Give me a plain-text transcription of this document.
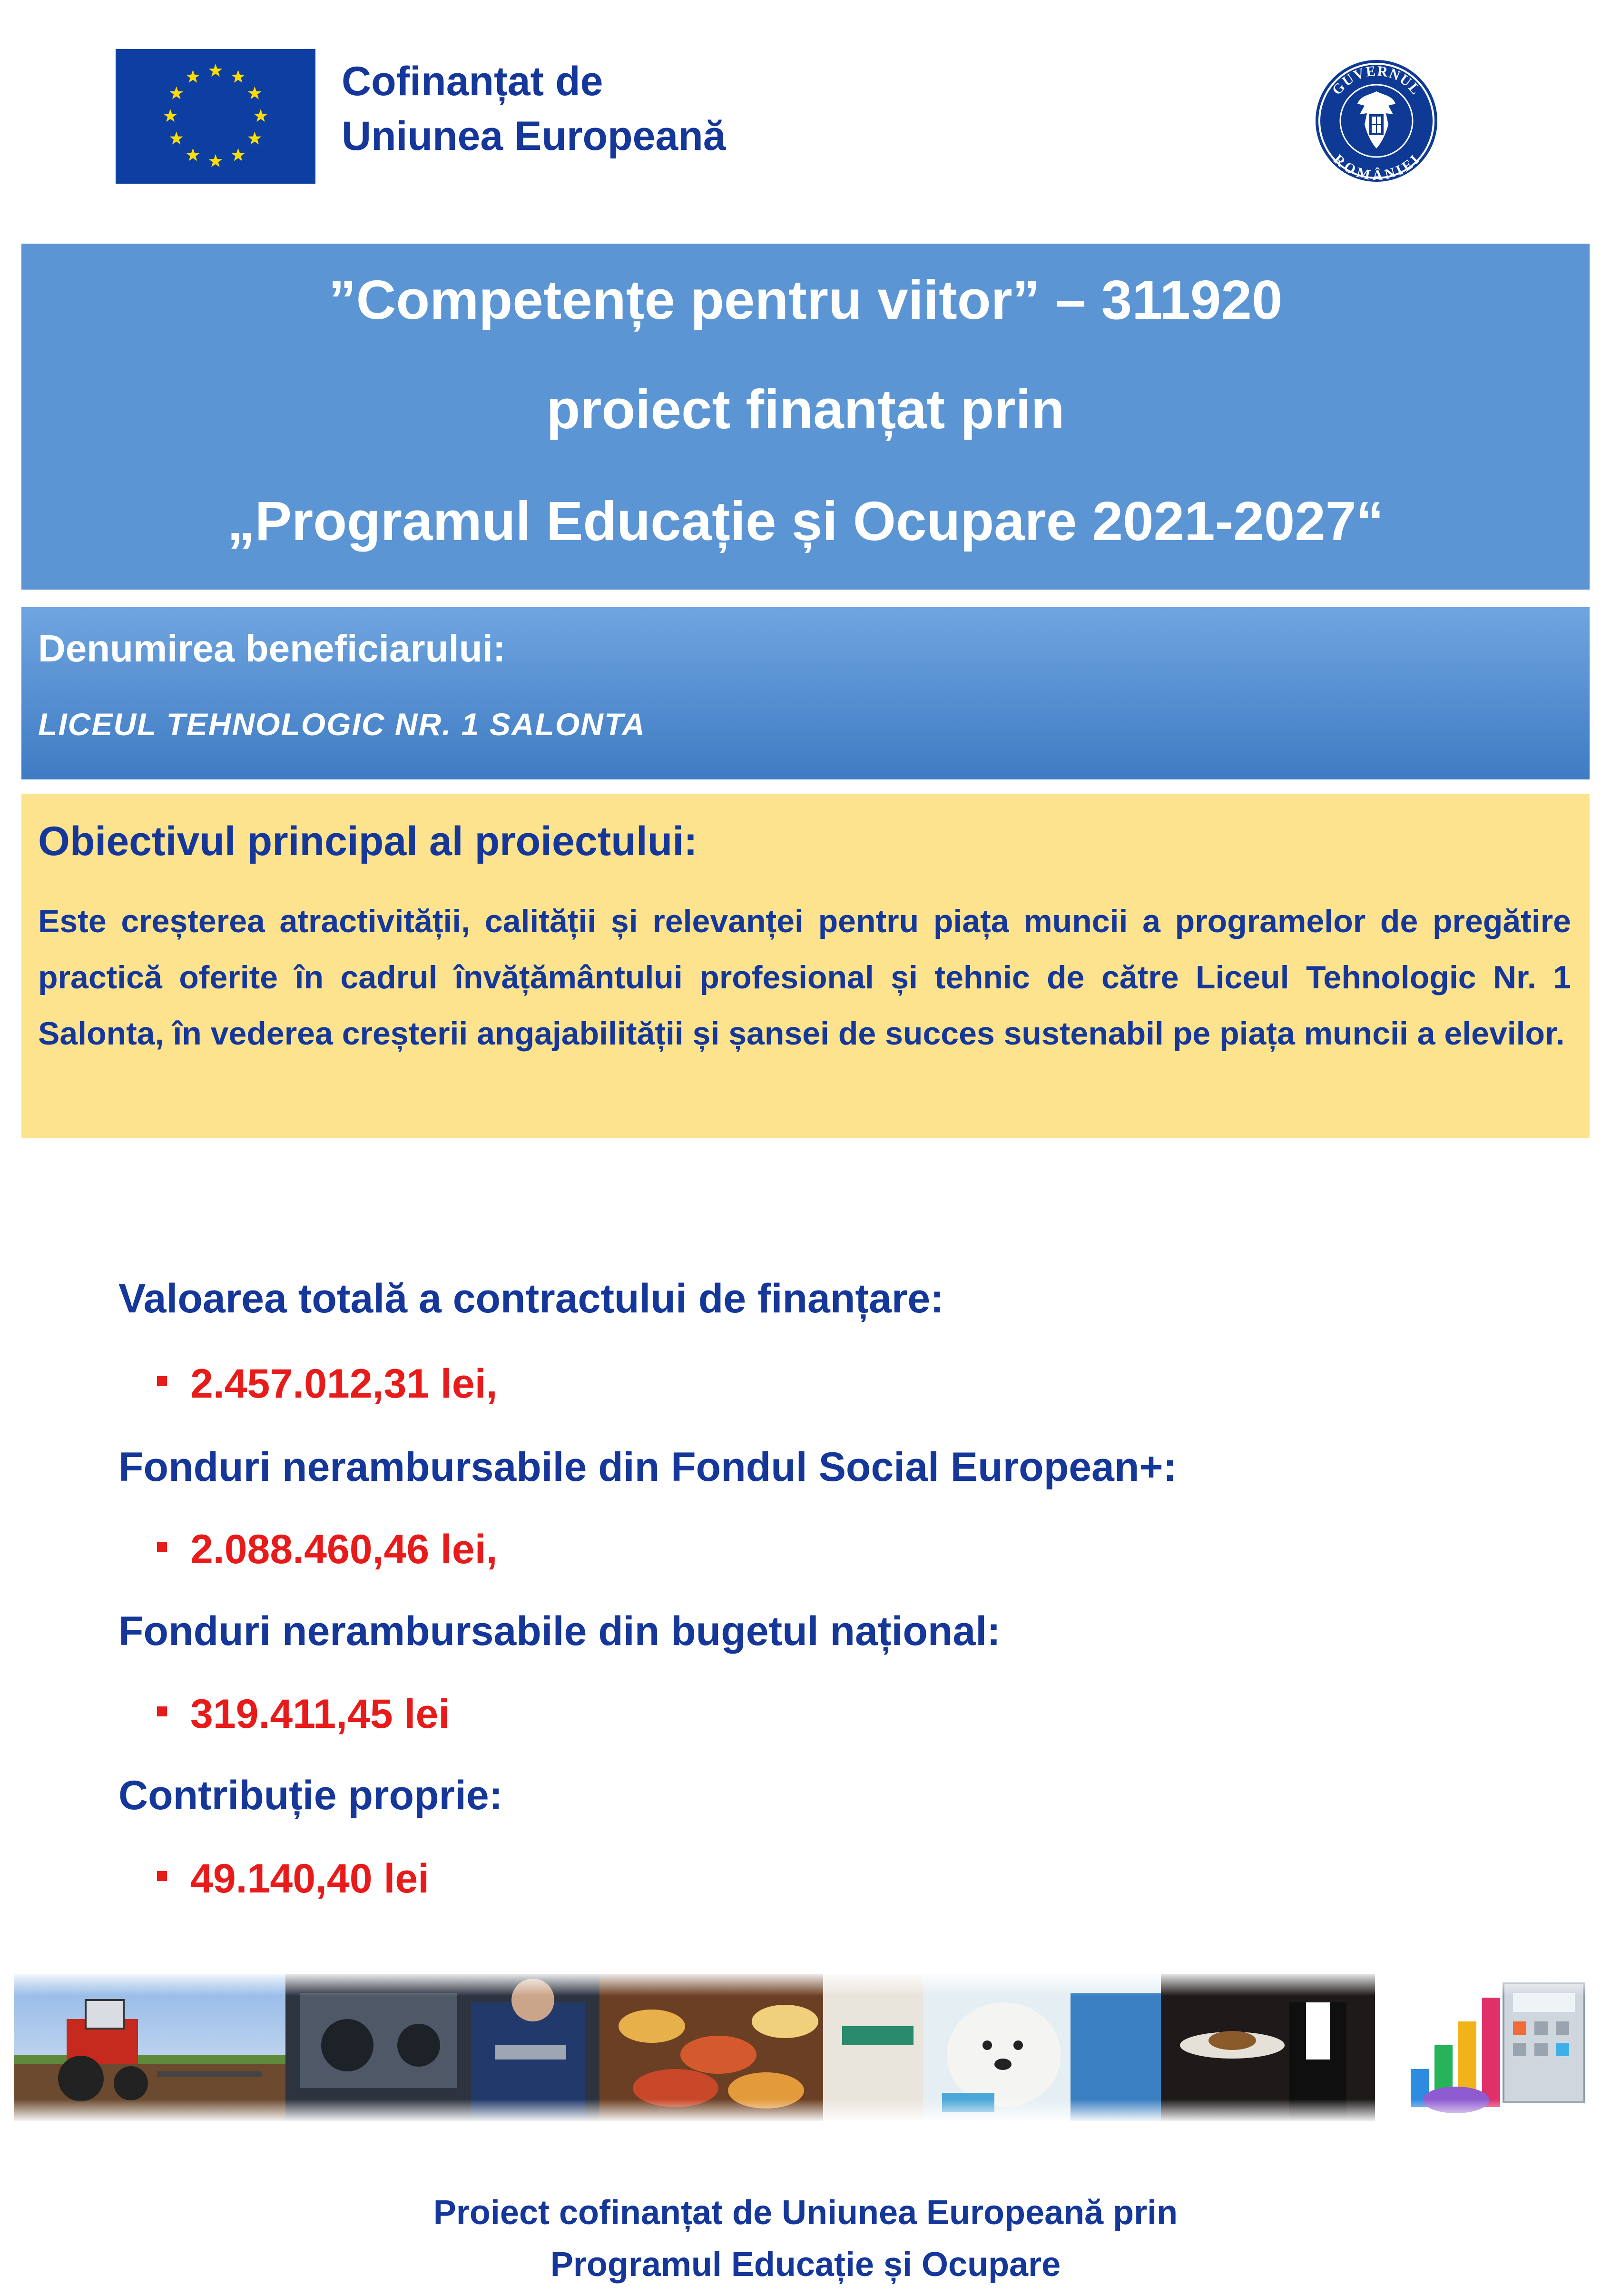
Cofinanțat de
Uniunea Europeană
GUVERNUL
ROMÂNIEI
”Competențe pentru viitor” – 311920
proiect finanțat prin
„Programul Educație și Ocupare 2021-2027“
Denumirea beneficiarului:
LICEUL TEHNOLOGIC NR. 1 SALONTA
Obiectivul principal al proiectului:
Este creșterea atractivității, calității și relevanței pentru piața muncii a programelor de pregătire practică oferite în cadrul învățământului profesional și tehnic de către Liceul Tehnologic Nr. 1 Salonta, în vederea creșterii angajabilității și șansei de succes sustenabil pe piața muncii a elevilor.
Valoarea totală a contractului de finanțare:
2.457.012,31 lei,
Fonduri nerambursabile din Fondul Social European+:
2.088.460,46 lei,
Fonduri nerambursabile din bugetul național:
319.411,45 lei
Contribuție proprie:
49.140,40 lei
Proiect cofinanțat de Uniunea Europeană prin
Programul Educație și Ocupare
